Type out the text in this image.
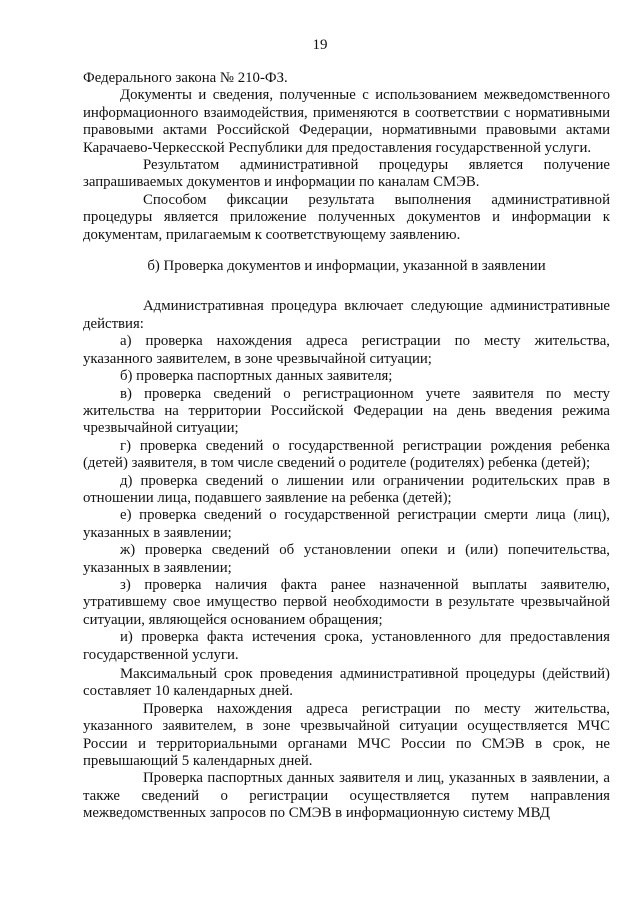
19

Федерального закона № 210-ФЗ.

Документы и сведения, полученные с использованием межведомственного информационного взаимодействия, применяются в соответствии с нормативными правовыми актами Российской Федерации, нормативными правовыми актами Карачаево-Черкесской Республики для предоставления государственной услуги.

Результатом административной процедуры является получение запрашиваемых документов и информации по каналам СМЭВ.

Способом фиксации результата выполнения административной процедуры является приложение полученных документов и информации к документам, прилагаемым к соответствующему заявлению.

б) Проверка документов и информации, указанной в заявлении

Административная процедура включает следующие административные действия:

а) проверка нахождения адреса регистрации по месту жительства, указанного заявителем, в зоне чрезвычайной ситуации;

б) проверка паспортных данных заявителя;

в) проверка сведений о регистрационном учете заявителя по месту жительства на территории Российской Федерации на день введения режима чрезвычайной ситуации;

г) проверка сведений о государственной регистрации рождения ребенка (детей) заявителя, в том числе сведений о родителе (родителях) ребенка (детей);

д) проверка сведений о лишении или ограничении родительских прав в отношении лица, подавшего заявление на ребенка (детей);

е) проверка сведений о государственной регистрации смерти лица (лиц), указанных в заявлении;

ж) проверка сведений об установлении опеки и (или) попечительства, указанных в заявлении;

з) проверка наличия факта ранее назначенной выплаты заявителю, утратившему свое имущество первой необходимости в результате чрезвычайной ситуации, являющейся основанием обращения;

и) проверка факта истечения срока, установленного для предоставления государственной услуги.

Максимальный срок проведения административной процедуры (действий) составляет 10 календарных дней.

Проверка нахождения адреса регистрации по месту жительства, указанного заявителем, в зоне чрезвычайной ситуации осуществляется МЧС России и территориальными органами МЧС России по СМЭВ в срок, не превышающий 5 календарных дней.

Проверка паспортных данных заявителя и лиц, указанных в заявлении, а также сведений о регистрации осуществляется путем направления межведомственных запросов по СМЭВ в информационную систему МВД
